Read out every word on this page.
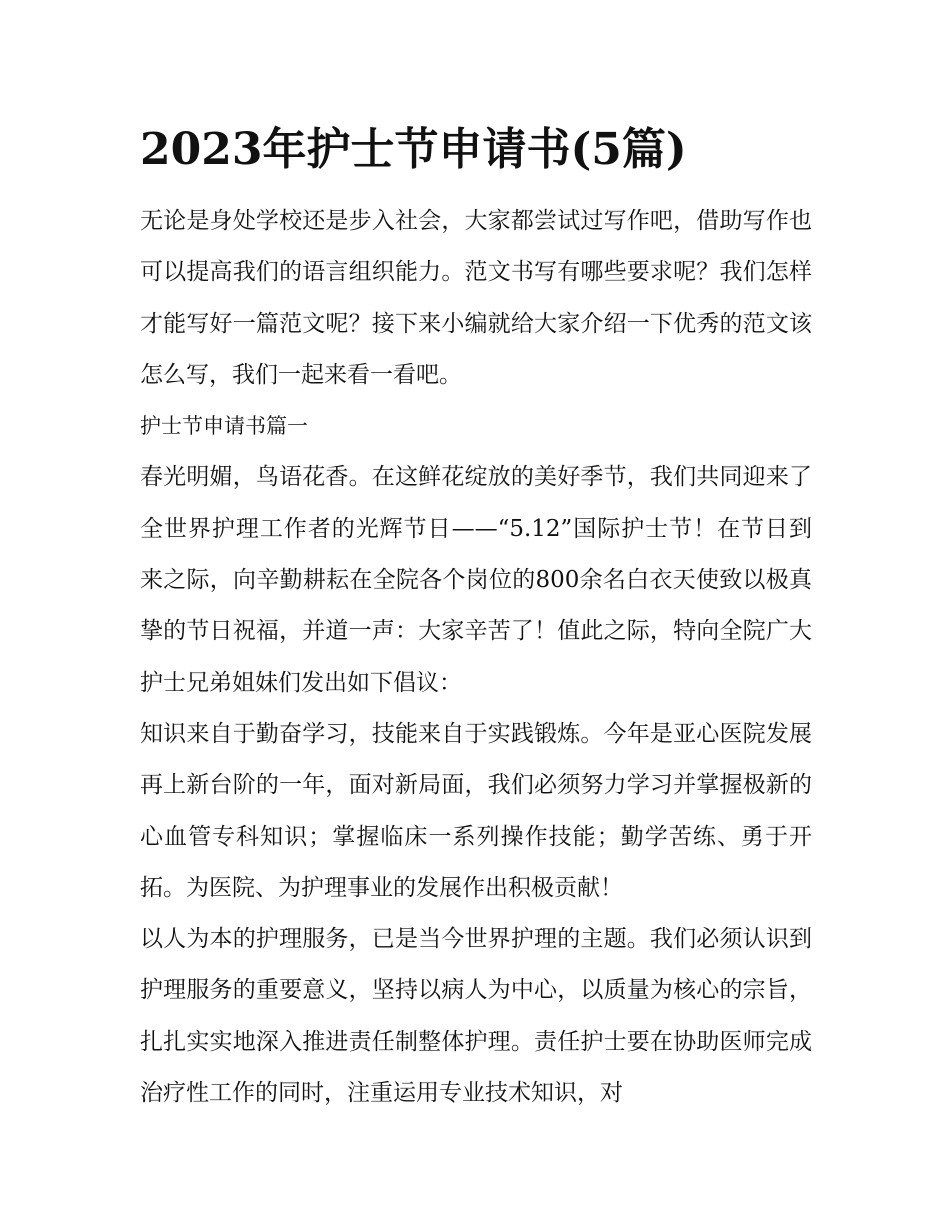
2023年护士节申请书(5篇)

无论是身处学校还是步入社会，大家都尝试过写作吧，借助写作也可以提高我们的语言组织能力。范文书写有哪些要求呢？我们怎样才能写好一篇范文呢？接下来小编就给大家介绍一下优秀的范文该怎么写，我们一起来看一看吧。

护士节申请书篇一

春光明媚，鸟语花香。在这鲜花绽放的美好季节，我们共同迎来了全世界护理工作者的光辉节日——“5.12”国际护士节！在节日到来之际，向辛勤耕耘在全院各个岗位的800余名白衣天使致以极真挚的节日祝福，并道一声：大家辛苦了！值此之际，特向全院广大护士兄弟姐妹们发出如下倡议：

知识来自于勤奋学习，技能来自于实践锻炼。今年是亚心医院发展再上新台阶的一年，面对新局面，我们必须努力学习并掌握极新的心血管专科知识；掌握临床一系列操作技能；勤学苦练、勇于开拓。为医院、为护理事业的发展作出积极贡献！

以人为本的护理服务，已是当今世界护理的主题。我们必须认识到护理服务的重要意义，坚持以病人为中心，以质量为核心的宗旨，扎扎实实地深入推进责任制整体护理。责任护士要在协助医师完成治疗性工作的同时，注重运用专业技术知识，对
